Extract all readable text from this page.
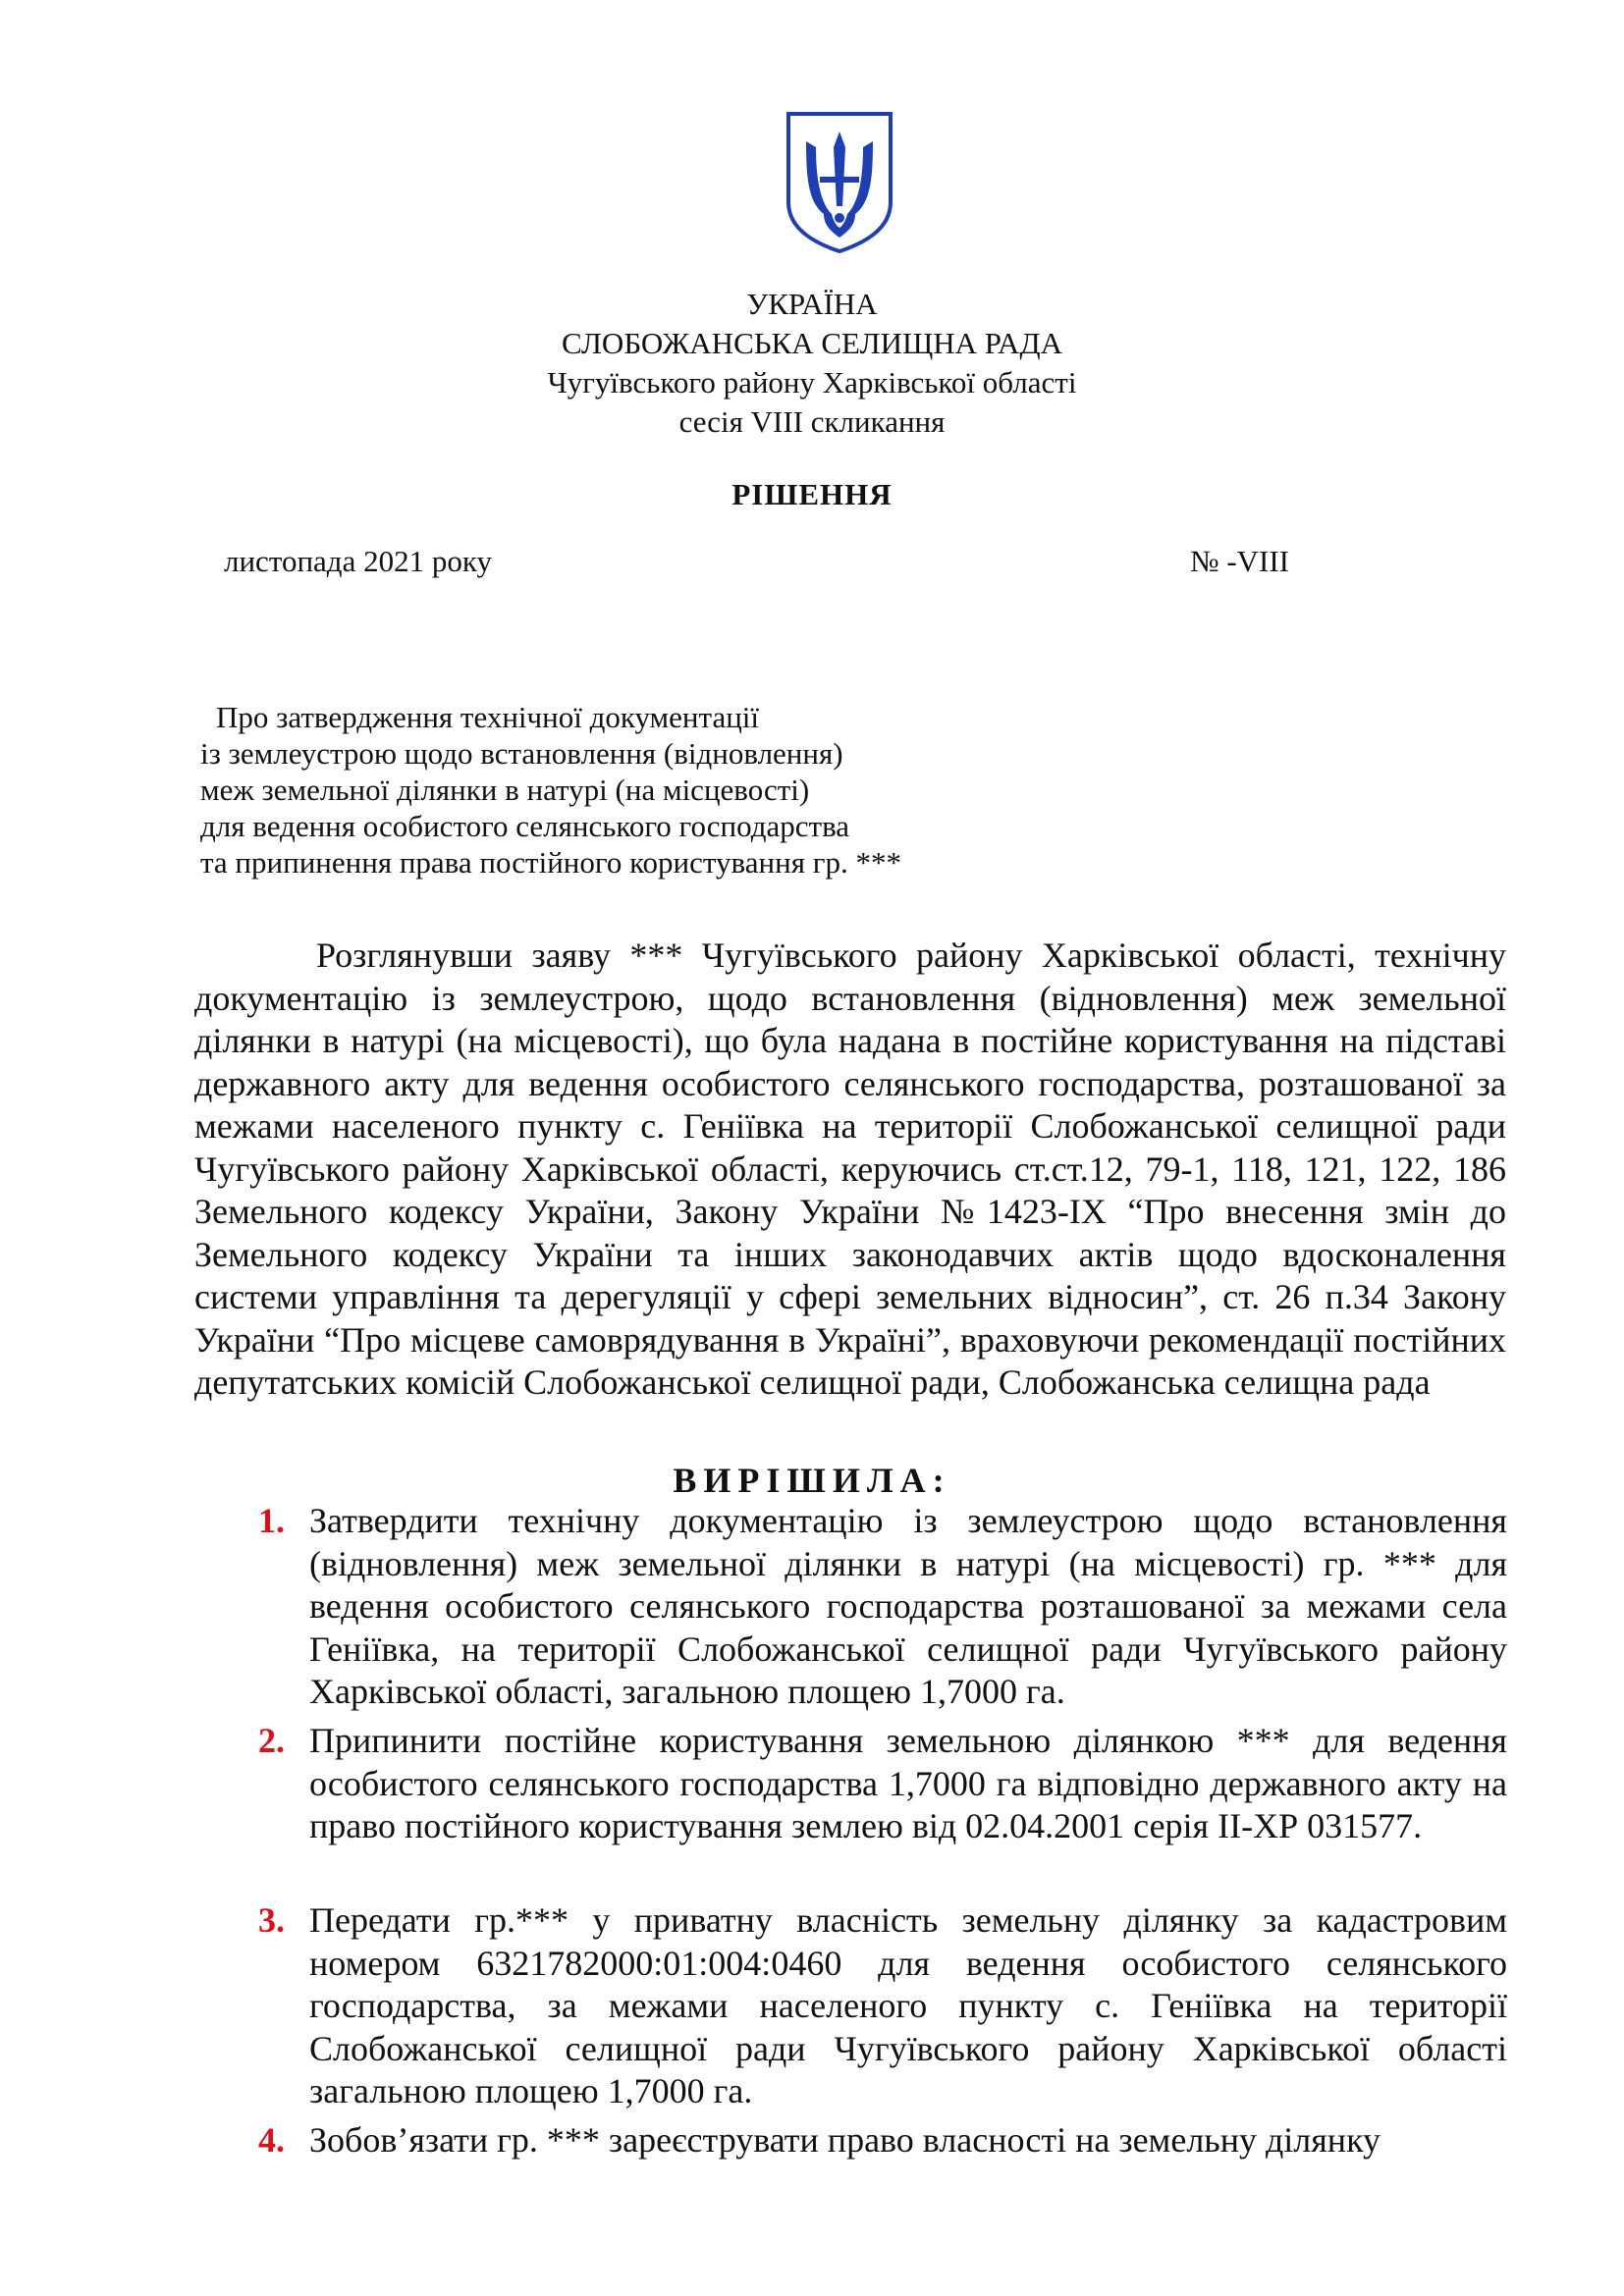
УКРАЇНА
СЛОБОЖАНСЬКА СЕЛИЩНА РАДА
Чугуївського району Харківської області
сесія VIII скликання
РІШЕННЯ
листопада 2021 року	№ -VIII
Про затвердження технічної документації
із землеустрою щодо встановлення (відновлення)
меж земельної ділянки в натурі (на місцевості)
для ведення особистого селянського господарства
та припинення права постійного користування гр. ***
Розглянувши заяву *** Чугуївського району Харківської області, технічну документацію із землеустрою, щодо встановлення (відновлення) меж земельної ділянки в натурі (на місцевості), що була надана в постійне користування на підставі державного акту для ведення особистого селянського господарства, розташованої за межами населеного пункту с. Геніївка на території Слобожанської селищної ради Чугуївського району Харківської області, керуючись ст.ст.12, 79-1, 118, 121, 122, 186 Земельного кодексу України, Закону України №1423-IX “Про внесення змін до Земельного кодексу України та інших законодавчих актів щодо вдосконалення системи управління та дерегуляції у сфері земельних відносин”, ст. 26 п.34 Закону України “Про місцеве самоврядування в Україні”, враховуючи рекомендації постійних депутатських комісій Слобожанської селищної ради, Слобожанська селищна рада
ВИРІШИЛА:
1. Затвердити технічну документацію із землеустрою щодо встановлення (відновлення) меж земельної ділянки в натурі (на місцевості) гр. *** для ведення особистого селянського господарства розташованої за межами села Геніївка, на території Слобожанської селищної ради Чугуївського району Харківської області, загальною площею 1,7000 га.
2. Припинити постійне користування земельною ділянкою *** для ведення особистого селянського господарства 1,7000 га відповідно державного акту на право постійного користування землею від 02.04.2001 серія ІІ-ХР 031577.
3. Передати гр.*** у приватну власність земельну ділянку за кадастровим номером 6321782000:01:004:0460 для ведення особистого селянського господарства, за межами населеного пункту с. Геніївка на території Слобожанської селищної ради Чугуївського району Харківської області загальною площею 1,7000 га.
4. Зобов’язати гр. *** зареєструвати право власності на земельну ділянку
